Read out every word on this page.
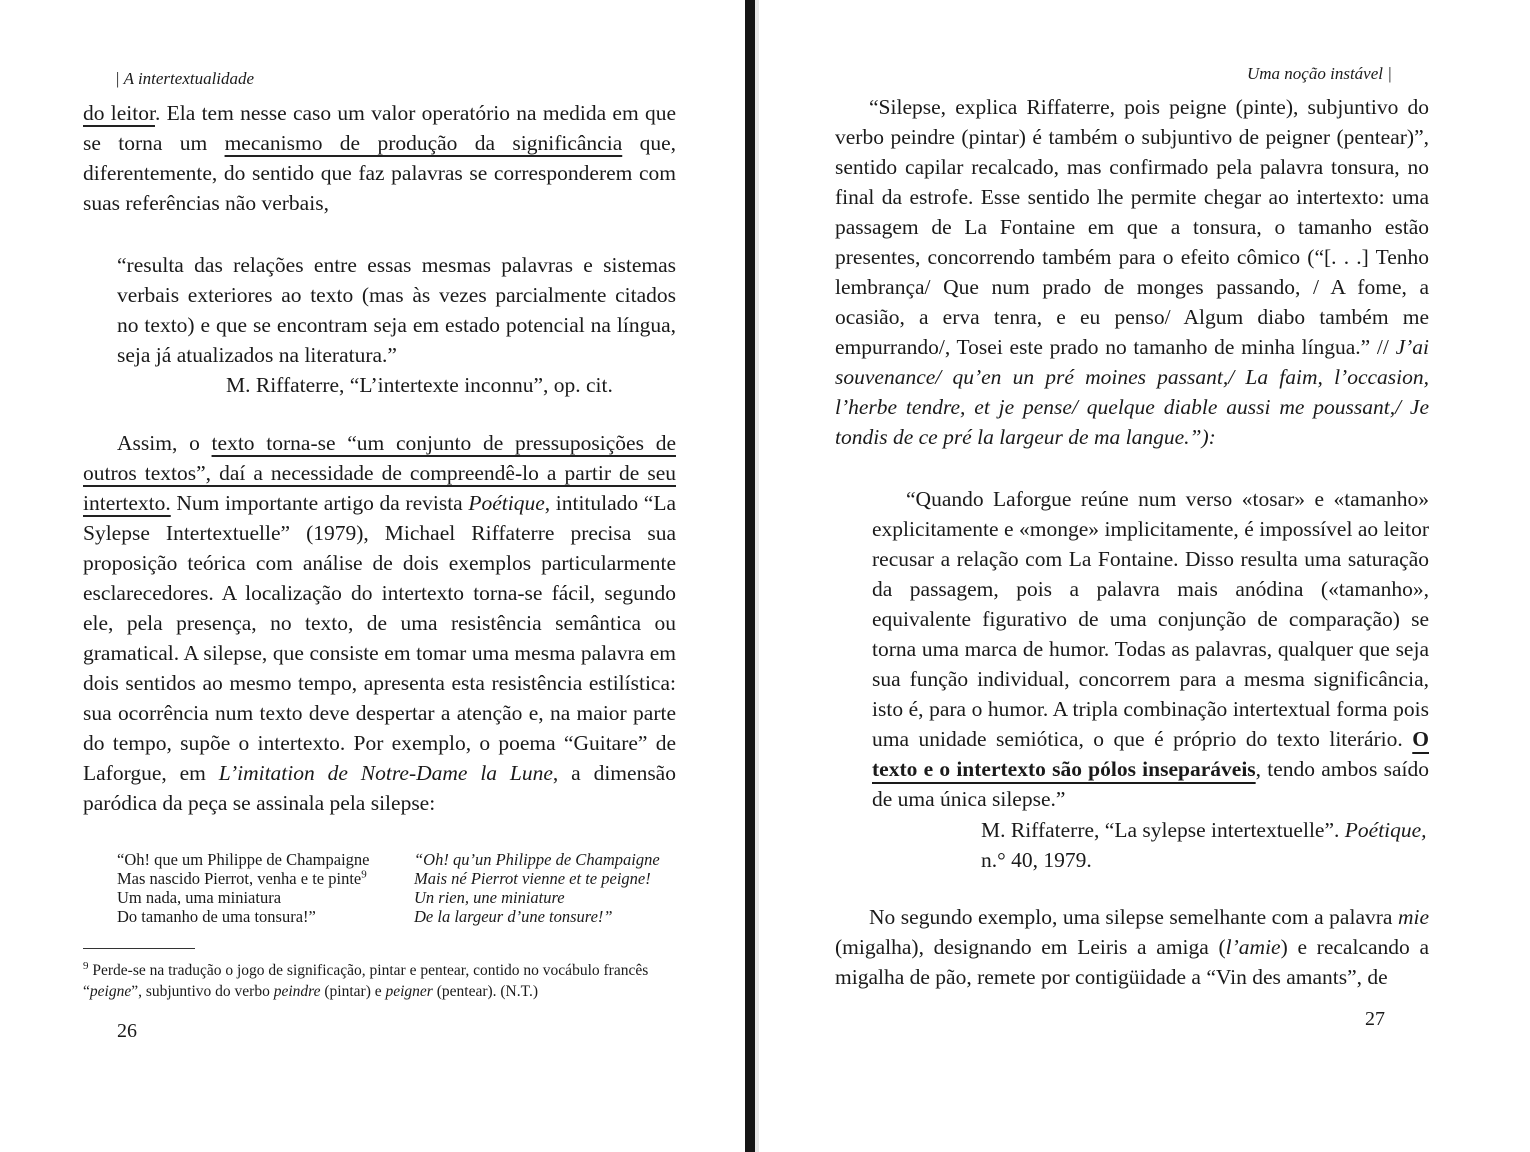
| A intertextualidade

do leitor. Ela tem nesse caso um valor operatório na medida em que se torna um mecanismo de produção da significância que, diferentemente, do sentido que faz palavras se corresponderem com suas referências não verbais,

“resulta das relações entre essas mesmas palavras e sistemas verbais exteriores ao texto (mas às vezes parcialmente citados no texto) e que se encontram seja em estado potencial na língua, seja já atualizados na literatura.”
M. Riffaterre, “L’intertexte inconnu”, op. cit.

Assim, o texto torna-se “um conjunto de pressuposições de outros textos”, daí a necessidade de compreendê-lo a partir de seu intertexto. Num importante artigo da revista Poétique, intitulado “La Sylepse Intertextuelle” (1979), Michael Riffaterre precisa sua proposição teórica com análise de dois exemplos particularmente esclarecedores. A localização do intertexto torna-se fácil, segundo ele, pela presença, no texto, de uma resistência semântica ou gramatical. A silepse, que consiste em tomar uma mesma palavra em dois sentidos ao mesmo tempo, apresenta esta resistência estilística: sua ocorrência num texto deve despertar a atenção e, na maior parte do tempo, supõe o intertexto. Por exemplo, o poema “Guitare” de Laforgue, em L’imitation de Notre-Dame la Lune, a dimensão paródica da peça se assinala pela silepse:

“Oh! que um Philippe de Champaigne
Mas nascido Pierrot, venha e te pinte$^9$
Um nada, uma miniatura
Do tamanho de uma tonsura!”
“Oh! qu’un Philippe de Champaigne
Mais né Pierrot vienne et te peigne!
Un rien, une miniature
De la largeur d’une tonsure!”
$^9$ Perde-se na tradução o jogo de significação, pintar e pentear, contido no vocábulo francês “peigne”, subjuntivo do verbo peindre (pintar) e peigner (pentear). (N.T.)
26
Uma noção instável |

“Silepse, explica Riffaterre, pois peigne (pinte), subjuntivo do verbo peindre (pintar) é também o subjuntivo de peigner (pentear)”, sentido capilar recalcado, mas confirmado pela palavra tonsura, no final da estrofe. Esse sentido lhe permite chegar ao intertexto: uma passagem de La Fontaine em que a tonsura, o tamanho estão presentes, concorrendo também para o efeito cômico (“[. . .] Tenho lembrança/ Que num prado de monges passando, / A fome, a ocasião, a erva tenra, e eu penso/ Algum diabo também me empurrando/, Tosei este prado no tamanho de minha língua.” // J’ai souvenance/ qu’en un pré moines passant,/ La faim, l’occasion, l’herbe tendre, et je pense/ quelque diable aussi me poussant,/ Je tondis de ce pré la largeur de ma langue.”):

“Quando Laforgue reúne num verso «tosar» e «tamanho» explicitamente e «monge» implicitamente, é impossível ao leitor recusar a relação com La Fontaine. Disso resulta uma saturação da passagem, pois a palavra mais anódina («tamanho», equivalente figurativo de uma conjunção de comparação) se torna uma marca de humor. Todas as palavras, qualquer que seja sua função individual, concorrem para a mesma significância, isto é, para o humor. A tripla combinação intertextual forma pois uma unidade semiótica, o que é próprio do texto literário. O texto e o intertexto são pólos inseparáveis, tendo ambos saído de uma única silepse.”
M. Riffaterre, “La sylepse intertextuelle”. Poétique,
n.° 40, 1979.

No segundo exemplo, uma silepse semelhante com a palavra mie (migalha), designando em Leiris a amiga (l’amie) e recalcando a migalha de pão, remete por contigüidade a “Vin des amants”, de

27
